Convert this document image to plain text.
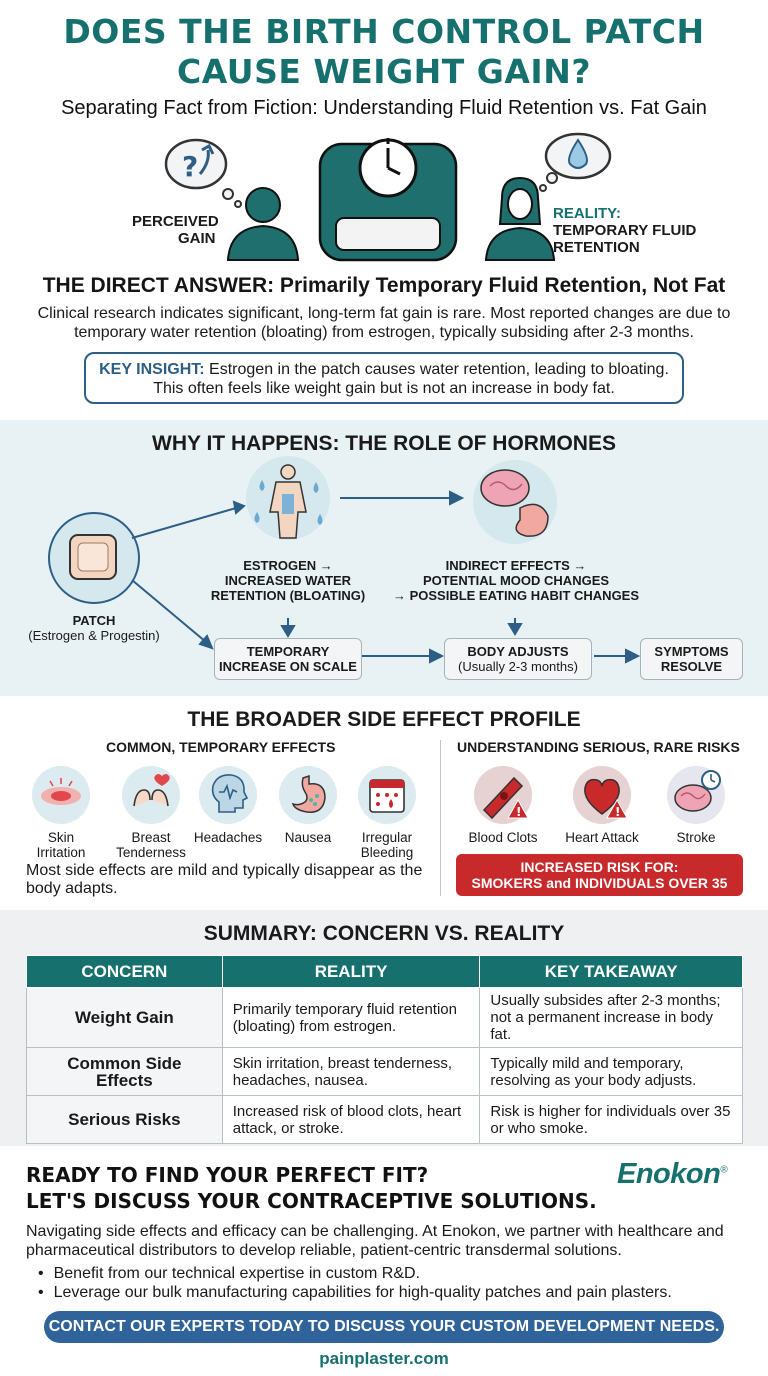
DOES THE BIRTH CONTROL PATCH
CAUSE WEIGHT GAIN?
Separating Fact from Fiction: Understanding Fluid Retention vs. Fat Gain
?
PERCEIVED
GAIN
REALITY:
TEMPORARY FLUID
RETENTION
THE DIRECT ANSWER: Primarily Temporary Fluid Retention, Not Fat
Clinical research indicates significant, long-term fat gain is rare. Most reported changes are due to temporary water retention (bloating) from estrogen, typically subsiding after 2-3 months.
KEY INSIGHT: Estrogen in the patch causes water retention, leading to bloating.
This often feels like weight gain but is not an increase in body fat.
WHY IT HAPPENS: THE ROLE OF HORMONES
PATCH
(Estrogen & Progestin)
ESTROGEN →
INCREASED WATER
RETENTION (BLOATING)
INDIRECT EFFECTS →
POTENTIAL MOOD CHANGES
→ POSSIBLE EATING HABIT CHANGES
TEMPORARY
INCREASE ON SCALE
BODY ADJUSTS
(Usually 2-3 months)
SYMPTOMS
RESOLVE
THE BROADER SIDE EFFECT PROFILE
COMMON, TEMPORARY EFFECTS	UNDERSTANDING SERIOUS, RARE RISKS
Skin
Irritation
Breast
Tenderness
Headaches	Nausea	Irregular
Bleeding
Most side effects are mild and typically disappear as the body adapts.
!
Blood Clots
!
Heart Attack	Stroke
INCREASED RISK FOR:
SMOKERS and INDIVIDUALS OVER 35
SUMMARY: CONCERN VS. REALITY
CONCERN	REALITY	KEY TAKEAWAY
Weight Gain	Primarily temporary fluid retention (bloating) from estrogen.	Usually subsides after 2-3 months; not a permanent increase in body fat.
Common Side Effects	Skin irritation, breast tenderness, headaches, nausea.	Typically mild and temporary, resolving as your body adjusts.
Serious Risks	Increased risk of blood clots, heart attack, or stroke.	Risk is higher for individuals over 35 or who smoke.
READY TO FIND YOUR PERFECT FIT?
LET'S DISCUSS YOUR CONTRACEPTIVE SOLUTIONS.
Enokon®
Navigating side effects and efficacy can be challenging. At Enokon, we partner with healthcare and pharmaceutical distributors to develop reliable, patient-centric transdermal solutions.
• Benefit from our technical expertise in custom R&D.
• Leverage our bulk manufacturing capabilities for high-quality patches and pain plasters.
CONTACT OUR EXPERTS TODAY TO DISCUSS YOUR CUSTOM DEVELOPMENT NEEDS.
painplaster.com
